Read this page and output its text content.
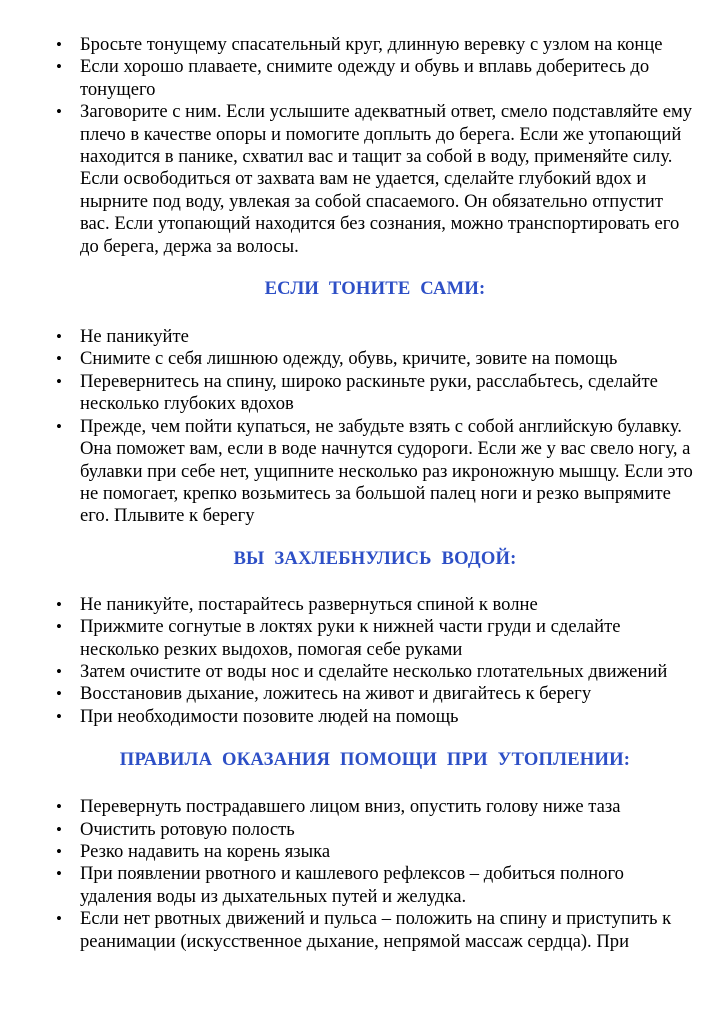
• Бросьте тонущему спасательный круг, длинную веревку с узлом на конце
• Если хорошо плаваете, снимите одежду и обувь и вплавь доберитесь до тонущего
• Заговорите с ним. Если услышите адекватный ответ, смело подставляйте ему плечо в качестве опоры и помогите доплыть до берега. Если же утопающий находится в панике, схватил вас и тащит за собой в воду, применяйте силу. Если освободиться от захвата вам не удается, сделайте глубокий вдох и нырните под воду, увлекая за собой спасаемого. Он обязательно отпустит вас. Если утопающий находится без сознания, можно транспортировать его до берега, держа за волосы.
ЕСЛИ ТОНИТЕ САМИ:
• Не паникуйте
• Снимите с себя лишнюю одежду, обувь, кричите, зовите на помощь
• Перевернитесь на спину, широко раскиньте руки, расслабьтесь, сделайте несколько глубоких вдохов
• Прежде, чем пойти купаться, не забудьте взять с собой английскую булавку. Она поможет вам, если в воде начнутся судороги. Если же у вас свело ногу, а булавки при себе нет, ущипните несколько раз икроножную мышцу. Если это не помогает, крепко возьмитесь за большой палец ноги и резко выпрямите его. Плывите к берегу
ВЫ ЗАХЛЕБНУЛИСЬ ВОДОЙ:
• Не паникуйте, постарайтесь развернуться спиной к волне
• Прижмите согнутые в локтях руки к нижней части груди и сделайте несколько резких выдохов, помогая себе руками
• Затем очистите от воды нос и сделайте несколько глотательных движений
• Восстановив дыхание, ложитесь на живот и двигайтесь к берегу
• При необходимости позовите людей на помощь
ПРАВИЛА ОКАЗАНИЯ ПОМОЩИ ПРИ УТОПЛЕНИИ:
• Перевернуть пострадавшего лицом вниз, опустить голову ниже таза
• Очистить ротовую полость
• Резко надавить на корень языка
• При появлении рвотного и кашлевого рефлексов – добиться полного удаления воды из дыхательных путей и желудка.
• Если нет рвотных движений и пульса – положить на спину и приступить к реанимации (искусственное дыхание, непрямой массаж сердца). При
